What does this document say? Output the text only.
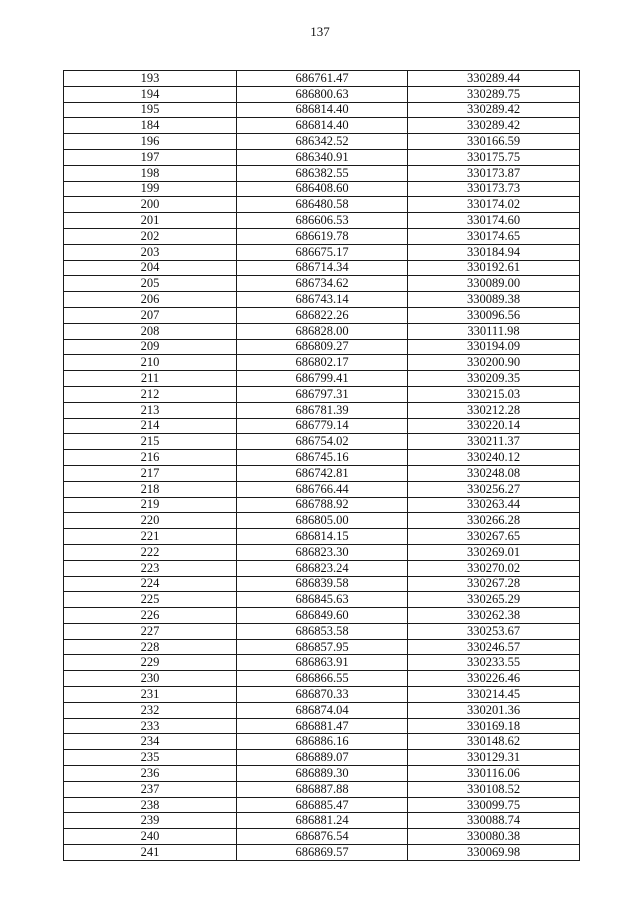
137
193	686761.47	330289.44
194	686800.63	330289.75
195	686814.40	330289.42
184	686814.40	330289.42
196	686342.52	330166.59
197	686340.91	330175.75
198	686382.55	330173.87
199	686408.60	330173.73
200	686480.58	330174.02
201	686606.53	330174.60
202	686619.78	330174.65
203	686675.17	330184.94
204	686714.34	330192.61
205	686734.62	330089.00
206	686743.14	330089.38
207	686822.26	330096.56
208	686828.00	330111.98
209	686809.27	330194.09
210	686802.17	330200.90
211	686799.41	330209.35
212	686797.31	330215.03
213	686781.39	330212.28
214	686779.14	330220.14
215	686754.02	330211.37
216	686745.16	330240.12
217	686742.81	330248.08
218	686766.44	330256.27
219	686788.92	330263.44
220	686805.00	330266.28
221	686814.15	330267.65
222	686823.30	330269.01
223	686823.24	330270.02
224	686839.58	330267.28
225	686845.63	330265.29
226	686849.60	330262.38
227	686853.58	330253.67
228	686857.95	330246.57
229	686863.91	330233.55
230	686866.55	330226.46
231	686870.33	330214.45
232	686874.04	330201.36
233	686881.47	330169.18
234	686886.16	330148.62
235	686889.07	330129.31
236	686889.30	330116.06
237	686887.88	330108.52
238	686885.47	330099.75
239	686881.24	330088.74
240	686876.54	330080.38
241	686869.57	330069.98
